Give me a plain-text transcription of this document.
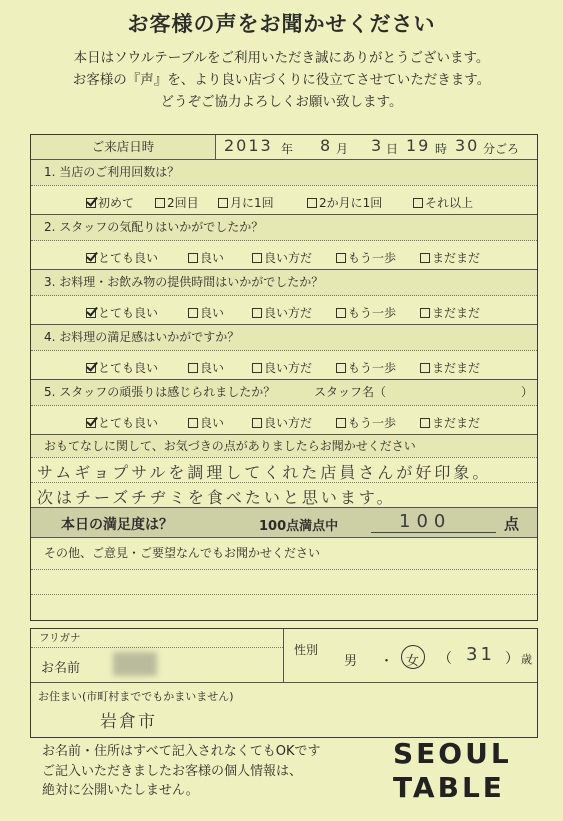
お客様の声をお聞かせください
本日はソウルテーブルをご利用いただき誠にありがとうございます。
お客様の『声』を、より良い店づくりに役立てさせていただきます。
どうぞご協力よろしくお願い致します。
ご来店日時	2013 年 8 月 3 日 19 時 30 分ごろ
1. 当店のご利用回数は？
初めて	2回目	月に1回	2か月に1回	それ以上
2. スタッフの気配りはいかがでしたか？
とても良い	良い	良い方だ	もう一歩	まだまだ
3. お料理・お飲み物の提供時間はいかがでしたか？
とても良い	良い	良い方だ	もう一歩	まだまだ
4. お料理の満足感はいかがですか？
とても良い	良い	良い方だ	もう一歩	まだまだ
5. スタッフの頑張りは感じられましたか？	スタッフ名（	）
とても良い	良い	良い方だ	もう一歩	まだまだ
おもてなしに関して、お気づきの点がありましたらお聞かせください
サムギョプサルを調理してくれた店員さんが好印象。
次はチーズチヂミを食べたいと思います。
本日の満足度は？	100点満点中	100	点
その他、ご意見・ご要望なんでもお聞かせください
フリガナ
お名前
性別
男 ・ 女 （ 31 ） 歳
お住まい(市町村まででもかまいません)
岩倉市
お名前・住所はすべて記入されなくてもOKです
ご記入いただきましたお客様の個人情報は、
絶対に公開いたしません。
SEOUL
TABLE
